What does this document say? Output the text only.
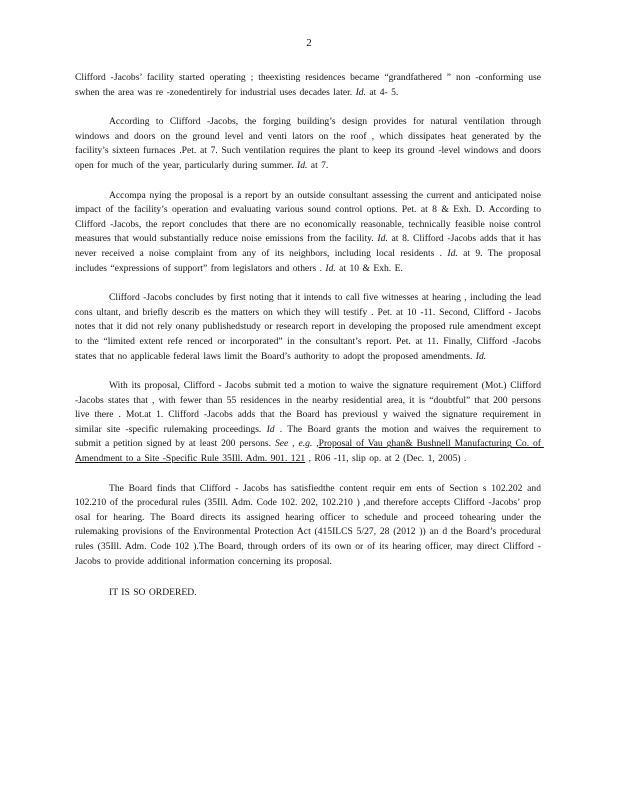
2

Clifford -Jacobs’ facility started operating ; theexisting residences became “grandfathered ” non -conforming use swhen the area was re -zonedentirely for industrial uses decades later. Id. at 4- 5.

According to Clifford -Jacobs, the forging building’s design provides for natural ventilation through windows and doors on the ground level and venti lators on the roof , which dissipates heat generated by the facility’s sixteen furnaces .Pet. at 7. Such ventilation requires the plant to keep its ground -level windows and doors open for much of the year, particularly during summer. Id. at 7.

Accompa nying the proposal is a report by an outside consultant assessing the current and anticipated noise impact of the facility’s operation and evaluating various sound control options. Pet. at 8 & Exh. D. According to Clifford -Jacobs, the report concludes that there are no economically reasonable, technically feasible noise control measures that would substantially reduce noise emissions from the facility. Id. at 8. Clifford -Jacobs adds that it has never received a noise complaint from any of its neighbors, including local residents . Id. at 9. The proposal includes “expressions of support” from legislators and others . Id. at 10 & Exh. E.

Clifford -Jacobs concludes by first noting that it intends to call five witnesses at hearing , including the lead cons ultant, and briefly describ es the matters on which they will testify . Pet. at 10 -11. Second, Clifford - Jacobs notes that it did not rely onany publishedstudy or research report in developing the proposed rule amendment except to the “limited extent refe renced or incorporated” in the consultant’s report. Pet. at 11. Finally, Clifford -Jacobs states that no applicable federal laws limit the Board’s authority to adopt the proposed amendments. Id.

With its proposal, Clifford - Jacobs submit ted a motion to waive the signature requirement (Mot.) Clifford -Jacobs states that , with fewer than 55 residences in the nearby residential area, it is “doubtful” that 200 persons live there . Mot.at 1. Clifford -Jacobs adds that the Board has previousl y waived the signature requirement in similar site -specific rulemaking proceedings. Id . The Board grants the motion and waives the requirement to submit a petition signed by at least 200 persons. See , e.g. ,Proposal of Vau ghan& Bushnell Manufacturing Co. of Amendment to a Site -Specific Rule 35Ill. Adm. 901. 121 , R06 -11, slip op. at 2 (Dec. 1, 2005) .

The Board finds that Clifford - Jacobs has satisfiedthe content requir em ents of Section s 102.202 and 102.210 of the procedural rules (35Ill. Adm. Code 102. 202, 102.210 ) ,and therefore accepts Clifford -Jacobs’ prop osal for hearing. The Board directs its assigned hearing officer to schedule and proceed tohearing under the rulemaking provisions of the Environmental Protection Act (415ILCS 5/27, 28 (2012 )) an d the Board’s procedural rules (35Ill. Adm. Code 102 ).The Board, through orders of its own or of its hearing officer, may direct Clifford - Jacobs to provide additional information concerning its proposal.

IT IS SO ORDERED.
